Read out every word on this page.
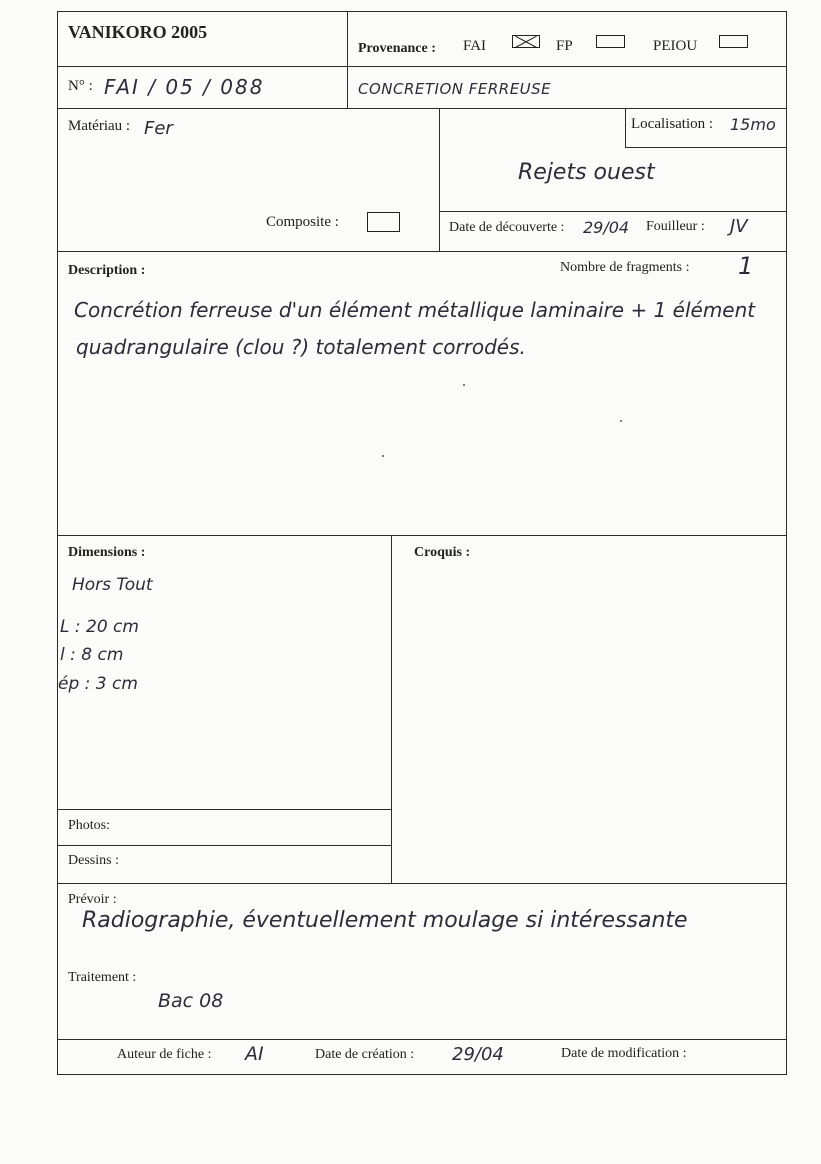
VANIKORO 2005
Provenance : FAI	FP	PEIOU
N° : FAI / 05 / 088	CONCRETION FERREUSE
Matériau : Fer
Composite :
Localisation : 15mo
Rejets ouest
Date de découverte : 29/04 Fouilleur : JV
Description :	Nombre de fragments : 1
Concrétion ferreuse d'un élément métallique laminaire + 1 élément
quadrangulaire (clou ?) totalement corrodés.
Dimensions :
Hors Tout
L : 20 cm
l : 8 cm
ép : 3 cm
Croquis :
Photos:
Dessins :
Prévoir :
Radiographie, éventuellement moulage si intéressante
Traitement :
Bac 08
Auteur de fiche : AI	Date de création : 29/04	Date de modification :
